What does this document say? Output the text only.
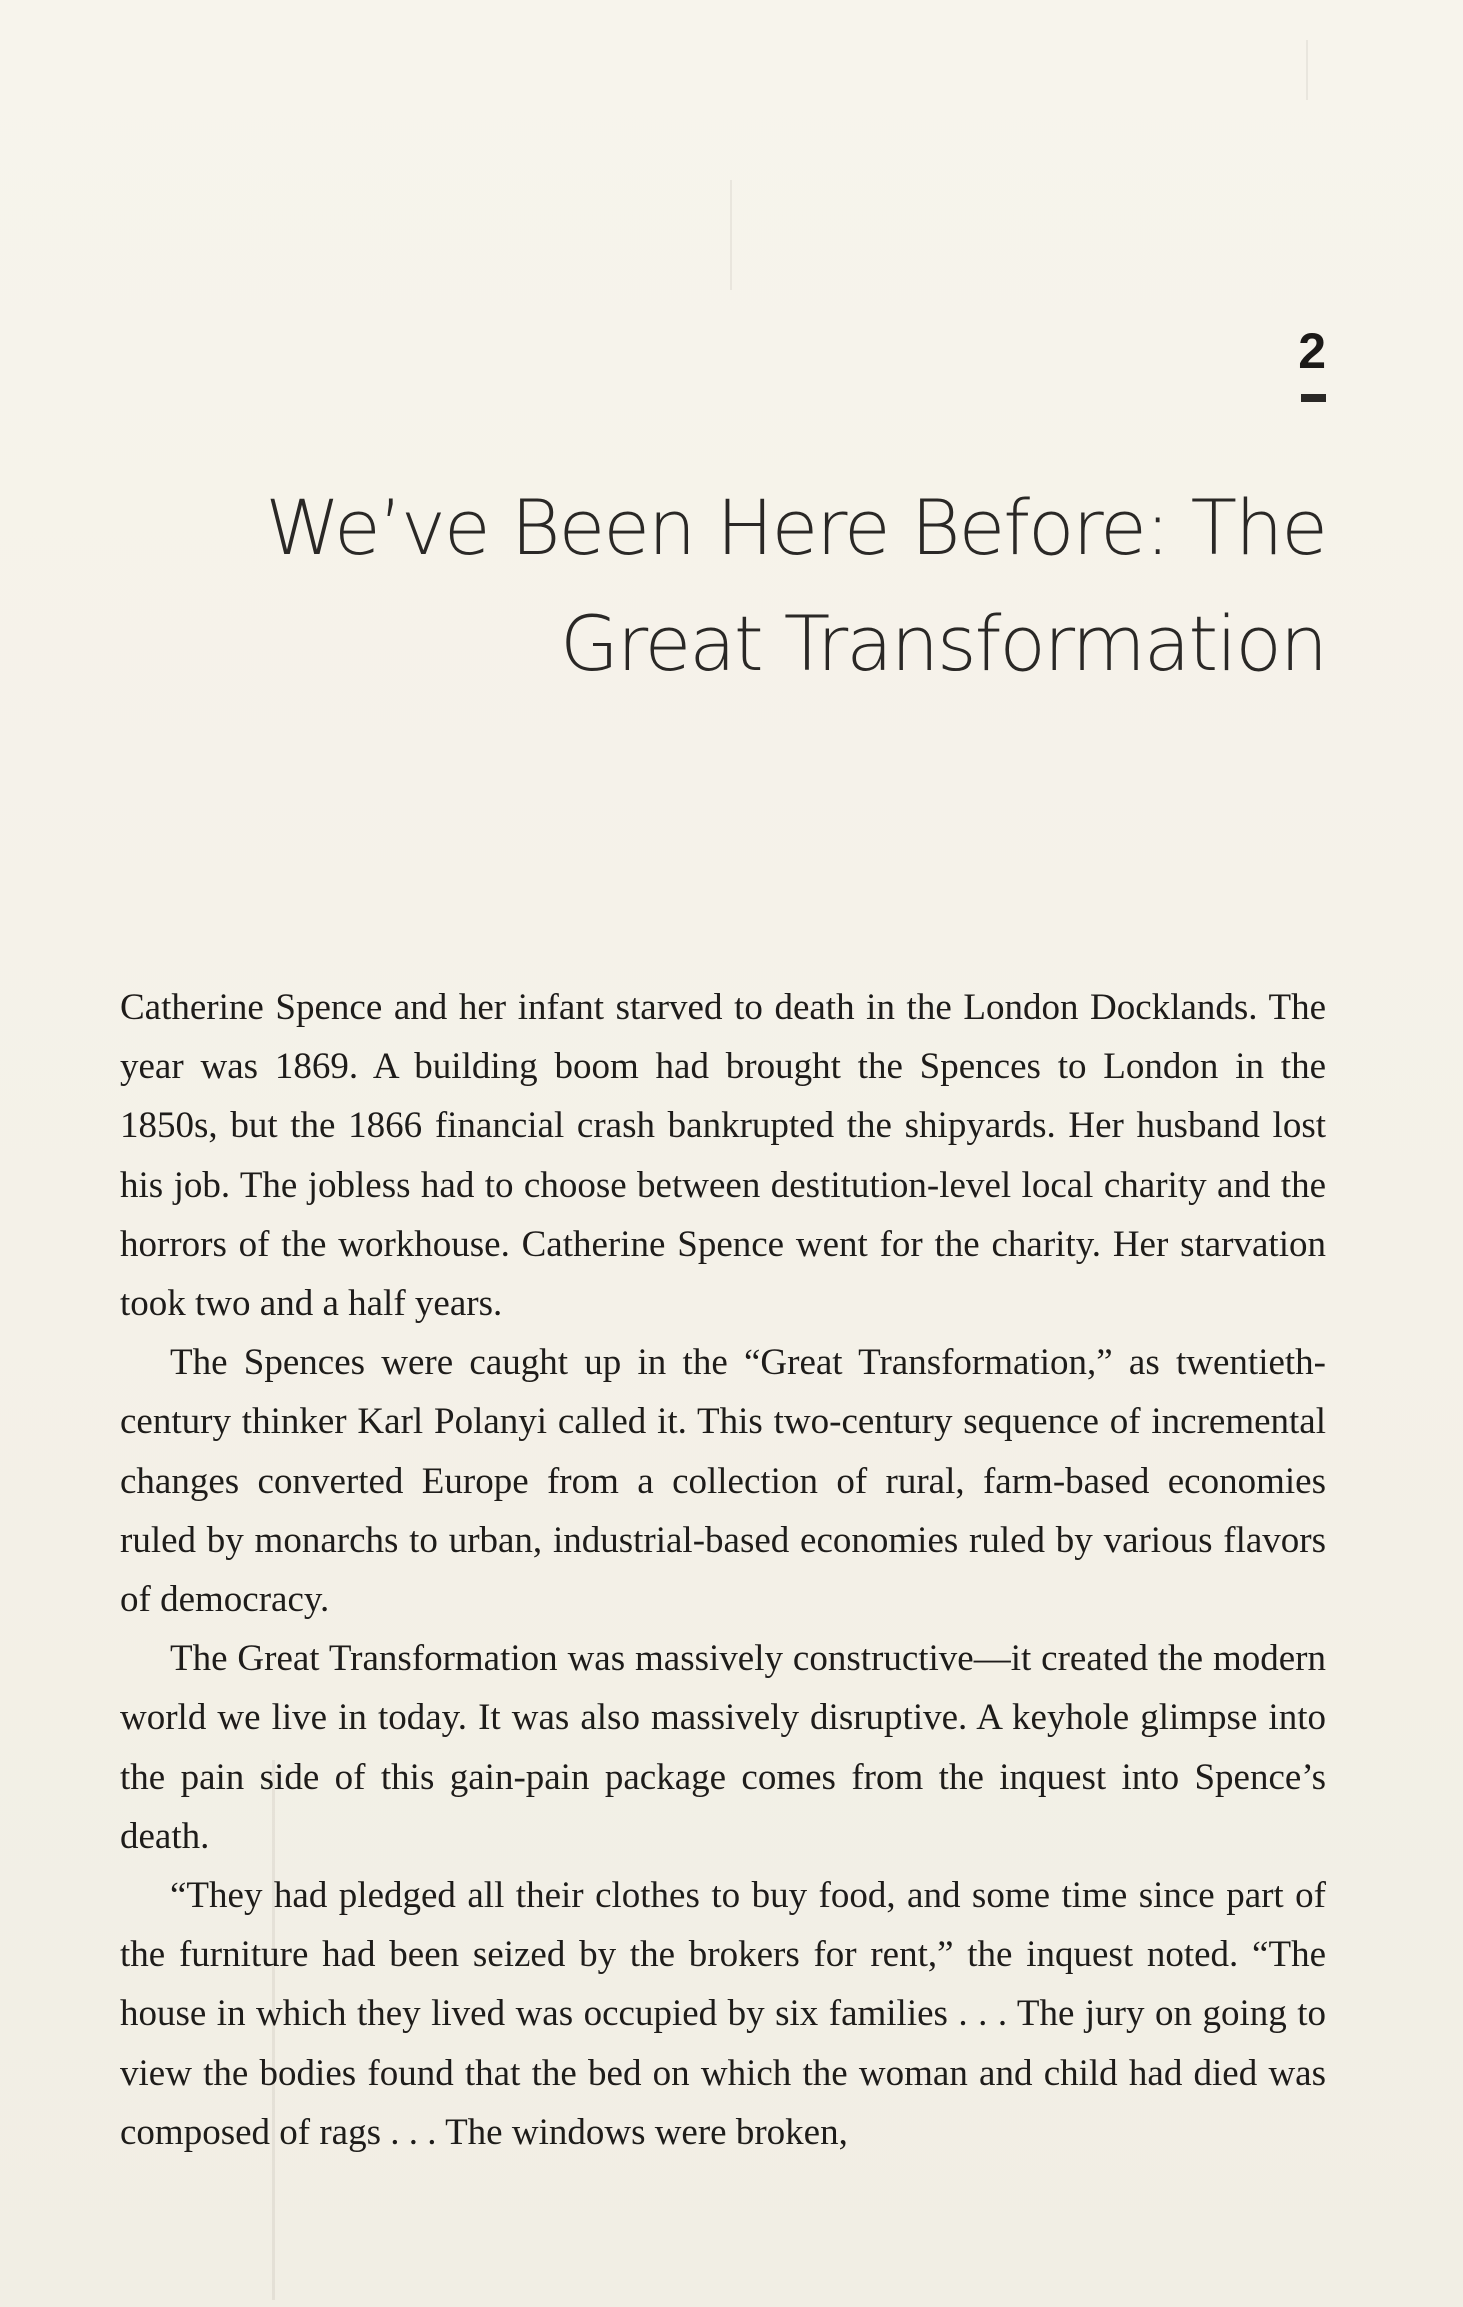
2
We’ve Been Here Before: The
Great Transformation

Catherine Spence and her infant starved to death in the London Docklands. The year was 1869. A building boom had brought the Spences to London in the 1850s, but the 1866 financial crash bankrupted the shipyards. Her husband lost his job. The jobless had to choose between destitution-level local charity and the horrors of the workhouse. Catherine Spence went for the charity. Her starvation took two and a half years.

The Spences were caught up in the “Great Transformation,” as twentieth-century thinker Karl Polanyi called it. This two-century sequence of incremental changes converted Europe from a collection of rural, farm-based economies ruled by monarchs to urban, industrial-based economies ruled by various flavors of democracy.

The Great Transformation was massively constructive—it created the modern world we live in today. It was also massively disruptive. A keyhole glimpse into the pain side of this gain-pain package comes from the inquest into Spence’s death.

“They had pledged all their clothes to buy food, and some time since part of the furniture had been seized by the brokers for rent,” the inquest noted. “The house in which they lived was occupied by six families . . . The jury on going to view the bodies found that the bed on which the woman and child had died was composed of rags . . . The windows were broken,
